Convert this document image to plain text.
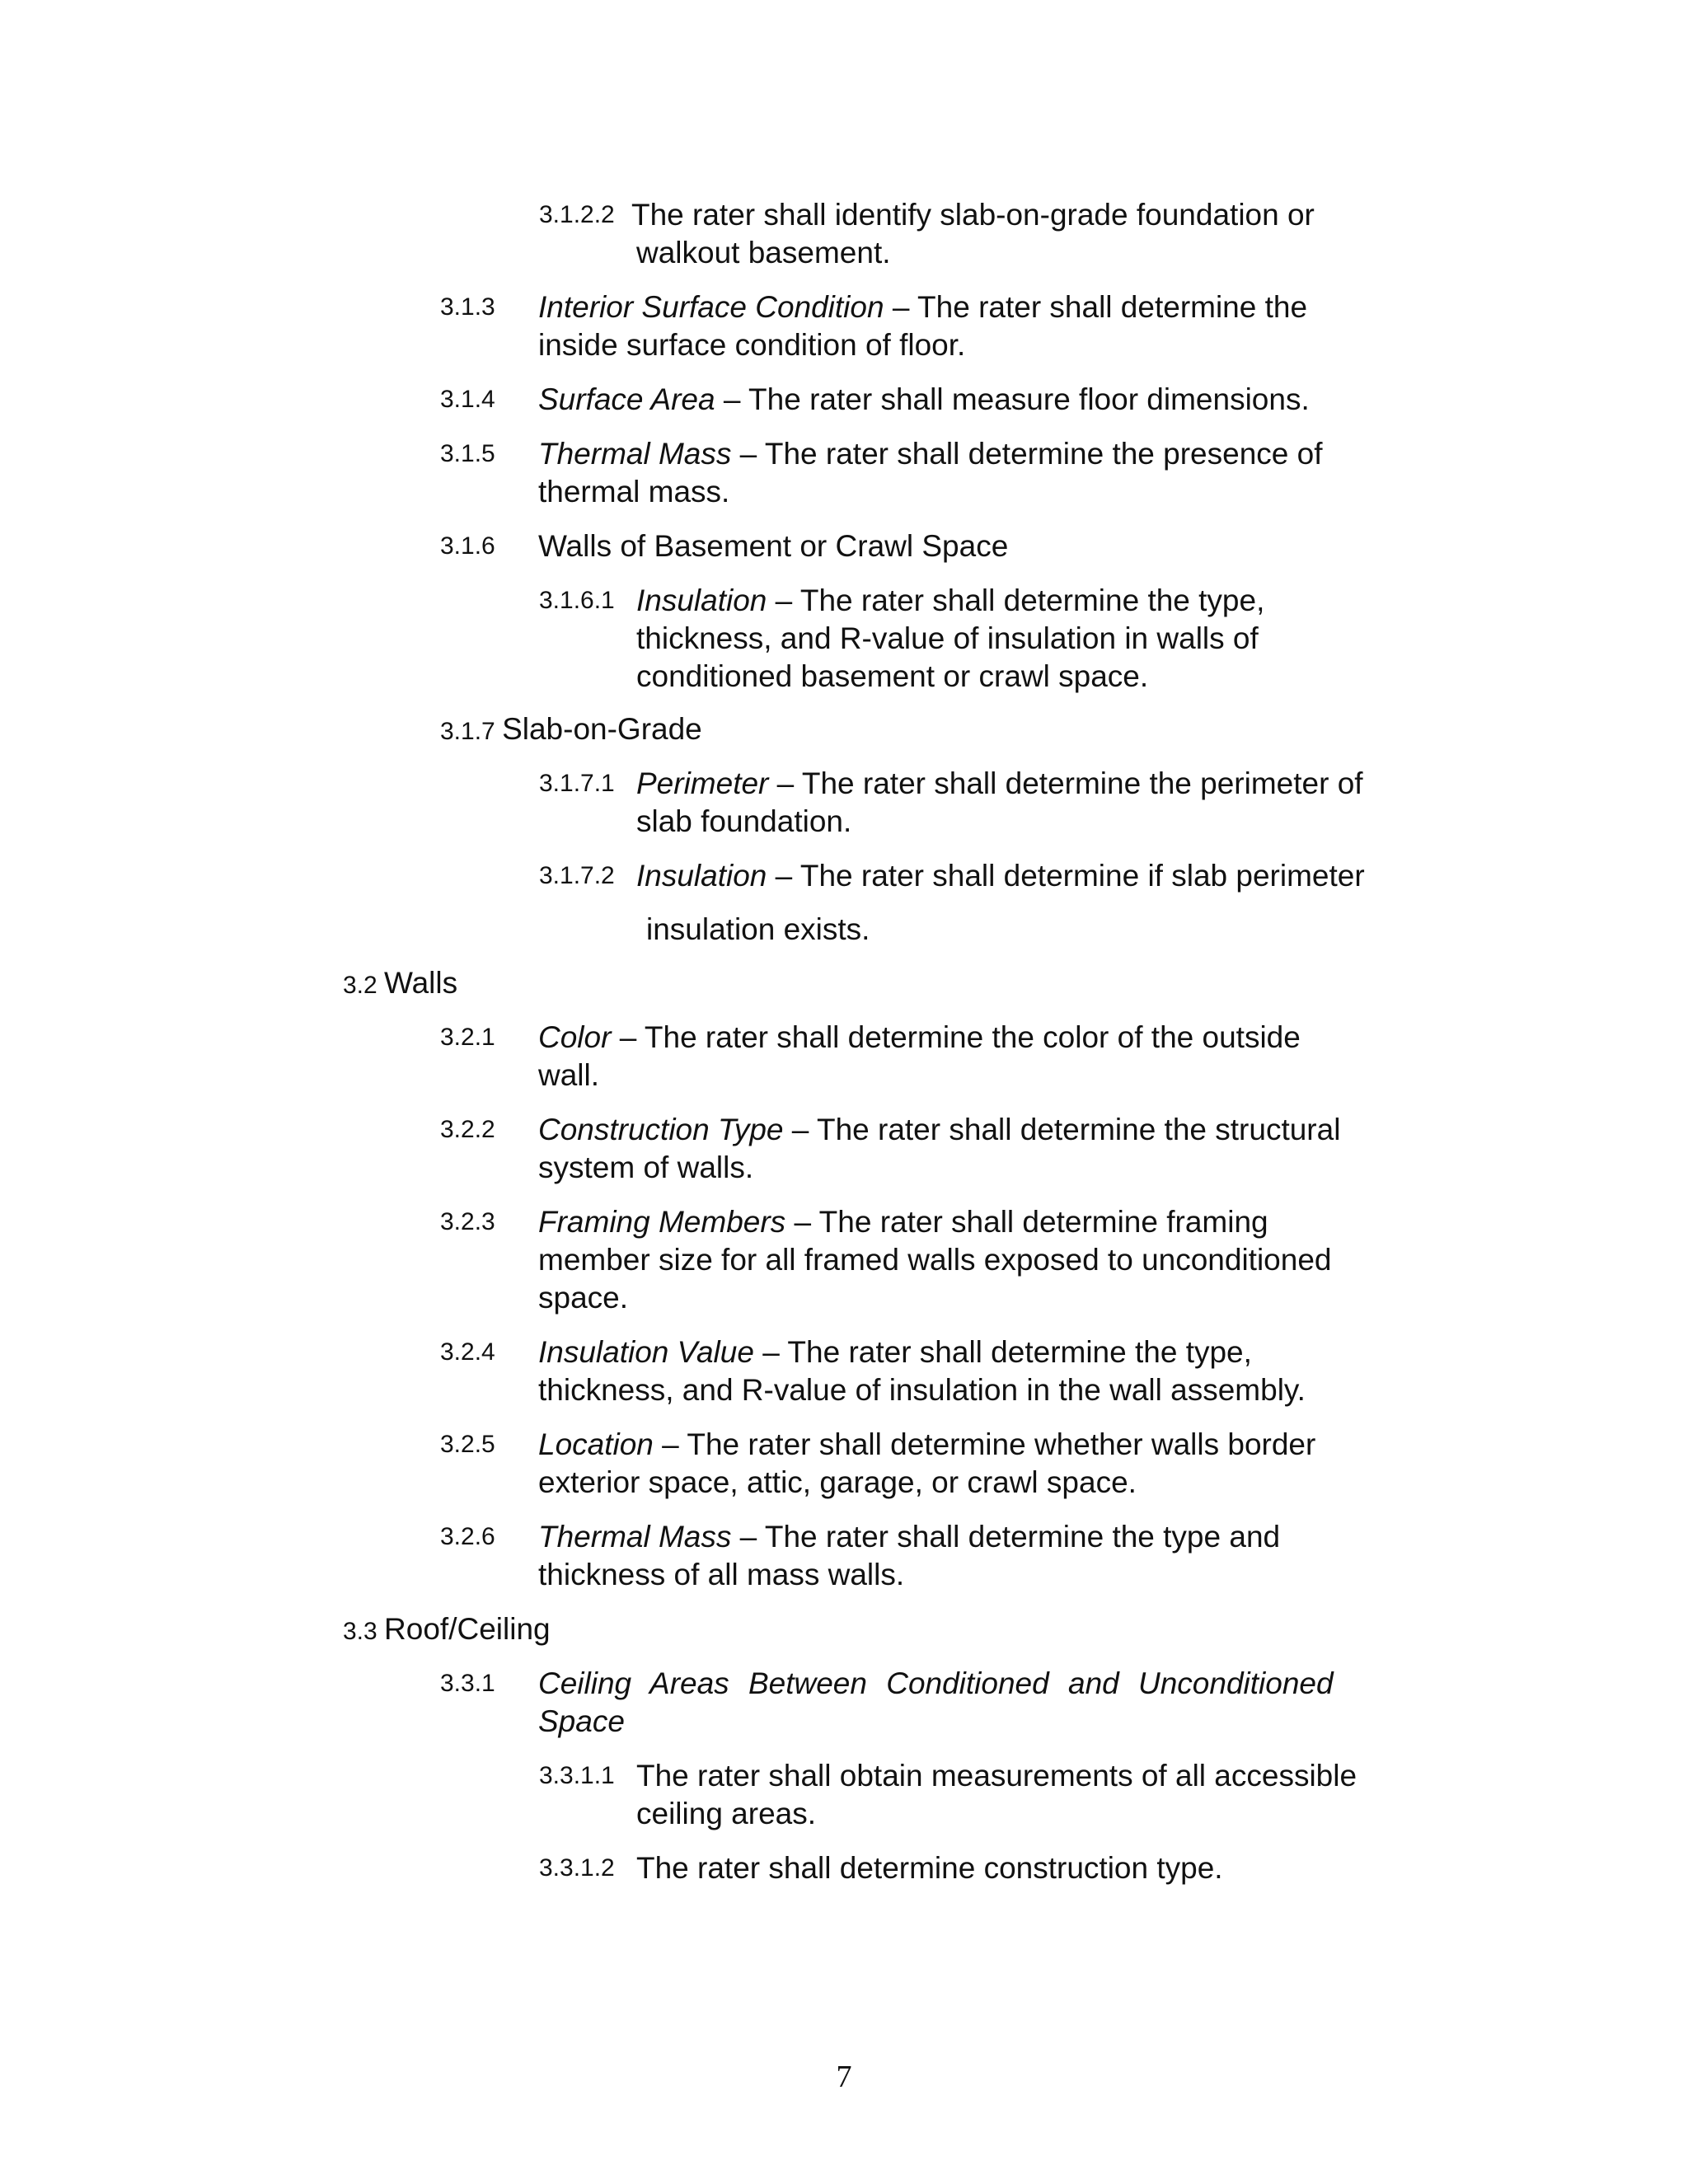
3.1.2.2 The rater shall identify slab-on-grade foundation or
walkout basement.
3.1.3 Interior Surface Condition – The rater shall determine the
inside surface condition of floor.
3.1.4 Surface Area – The rater shall measure floor dimensions.
3.1.5 Thermal Mass – The rater shall determine the presence of
thermal mass.
3.1.6 Walls of Basement or Crawl Space
3.1.6.1 Insulation – The rater shall determine the type,
thickness, and R-value of insulation in walls of
conditioned basement or crawl space.
3.1.7 Slab-on-Grade
3.1.7.1 Perimeter – The rater shall determine the perimeter of
slab foundation.
3.1.7.2 Insulation – The rater shall determine if slab perimeter
insulation exists.
3.2 Walls
3.2.1 Color – The rater shall determine the color of the outside
wall.
3.2.2 Construction Type – The rater shall determine the structural
system of walls.
3.2.3 Framing Members – The rater shall determine framing
member size for all framed walls exposed to unconditioned
space.
3.2.4 Insulation Value – The rater shall determine the type,
thickness, and R-value of insulation in the wall assembly.
3.2.5 Location – The rater shall determine whether walls border
exterior space, attic, garage, or crawl space.
3.2.6 Thermal Mass – The rater shall determine the type and
thickness of all mass walls.
3.3 Roof/Ceiling
3.3.1 Ceiling Areas Between Conditioned and Unconditioned
Space
3.3.1.1 The rater shall obtain measurements of all accessible
ceiling areas.
3.3.1.2 The rater shall determine construction type.
7
